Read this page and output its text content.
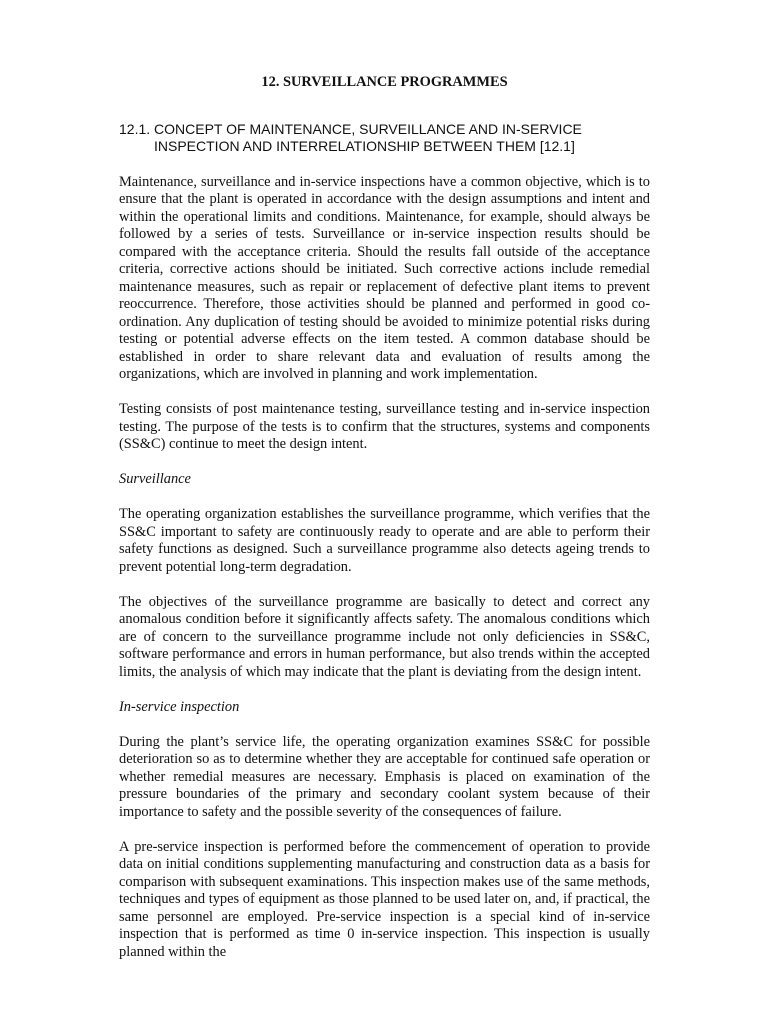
12. SURVEILLANCE PROGRAMMES
12.1. CONCEPT OF MAINTENANCE, SURVEILLANCE AND IN-SERVICE
INSPECTION AND INTERRELATIONSHIP BETWEEN THEM [12.1]

Maintenance, surveillance and in-service inspections have a common objective, which is to ensure that the plant is operated in accordance with the design assumptions and intent and within the operational limits and conditions. Maintenance, for example, should always be followed by a series of tests. Surveillance or in-service inspection results should be compared with the acceptance criteria. Should the results fall outside of the acceptance criteria, corrective actions should be initiated. Such corrective actions include remedial maintenance measures, such as repair or replacement of defective plant items to prevent reoccurrence. Therefore, those activities should be planned and performed in good co-ordination. Any duplication of testing should be avoided to minimize potential risks during testing or potential adverse effects on the item tested. A common database should be established in order to share relevant data and evaluation of results among the organizations, which are involved in planning and work implementation.

Testing consists of post maintenance testing, surveillance testing and in-service inspection testing. The purpose of the tests is to confirm that the structures, systems and components (SS&C) continue to meet the design intent.

Surveillance

The operating organization establishes the surveillance programme, which verifies that the SS&C important to safety are continuously ready to operate and are able to perform their safety functions as designed. Such a surveillance programme also detects ageing trends to prevent potential long-term degradation.

The objectives of the surveillance programme are basically to detect and correct any anomalous condition before it significantly affects safety. The anomalous conditions which are of concern to the surveillance programme include not only deficiencies in SS&C, software performance and errors in human performance, but also trends within the accepted limits, the analysis of which may indicate that the plant is deviating from the design intent.

In-service inspection

During the plant’s service life, the operating organization examines SS&C for possible deterioration so as to determine whether they are acceptable for continued safe operation or whether remedial measures are necessary. Emphasis is placed on examination of the pressure boundaries of the primary and secondary coolant system because of their importance to safety and the possible severity of the consequences of failure.

A pre-service inspection is performed before the commencement of operation to provide data on initial conditions supplementing manufacturing and construction data as a basis for comparison with subsequent examinations. This inspection makes use of the same methods, techniques and types of equipment as those planned to be used later on, and, if practical, the same personnel are employed. Pre-service inspection is a special kind of in-service inspection that is performed as time 0 in-service inspection. This inspection is usually planned within the
